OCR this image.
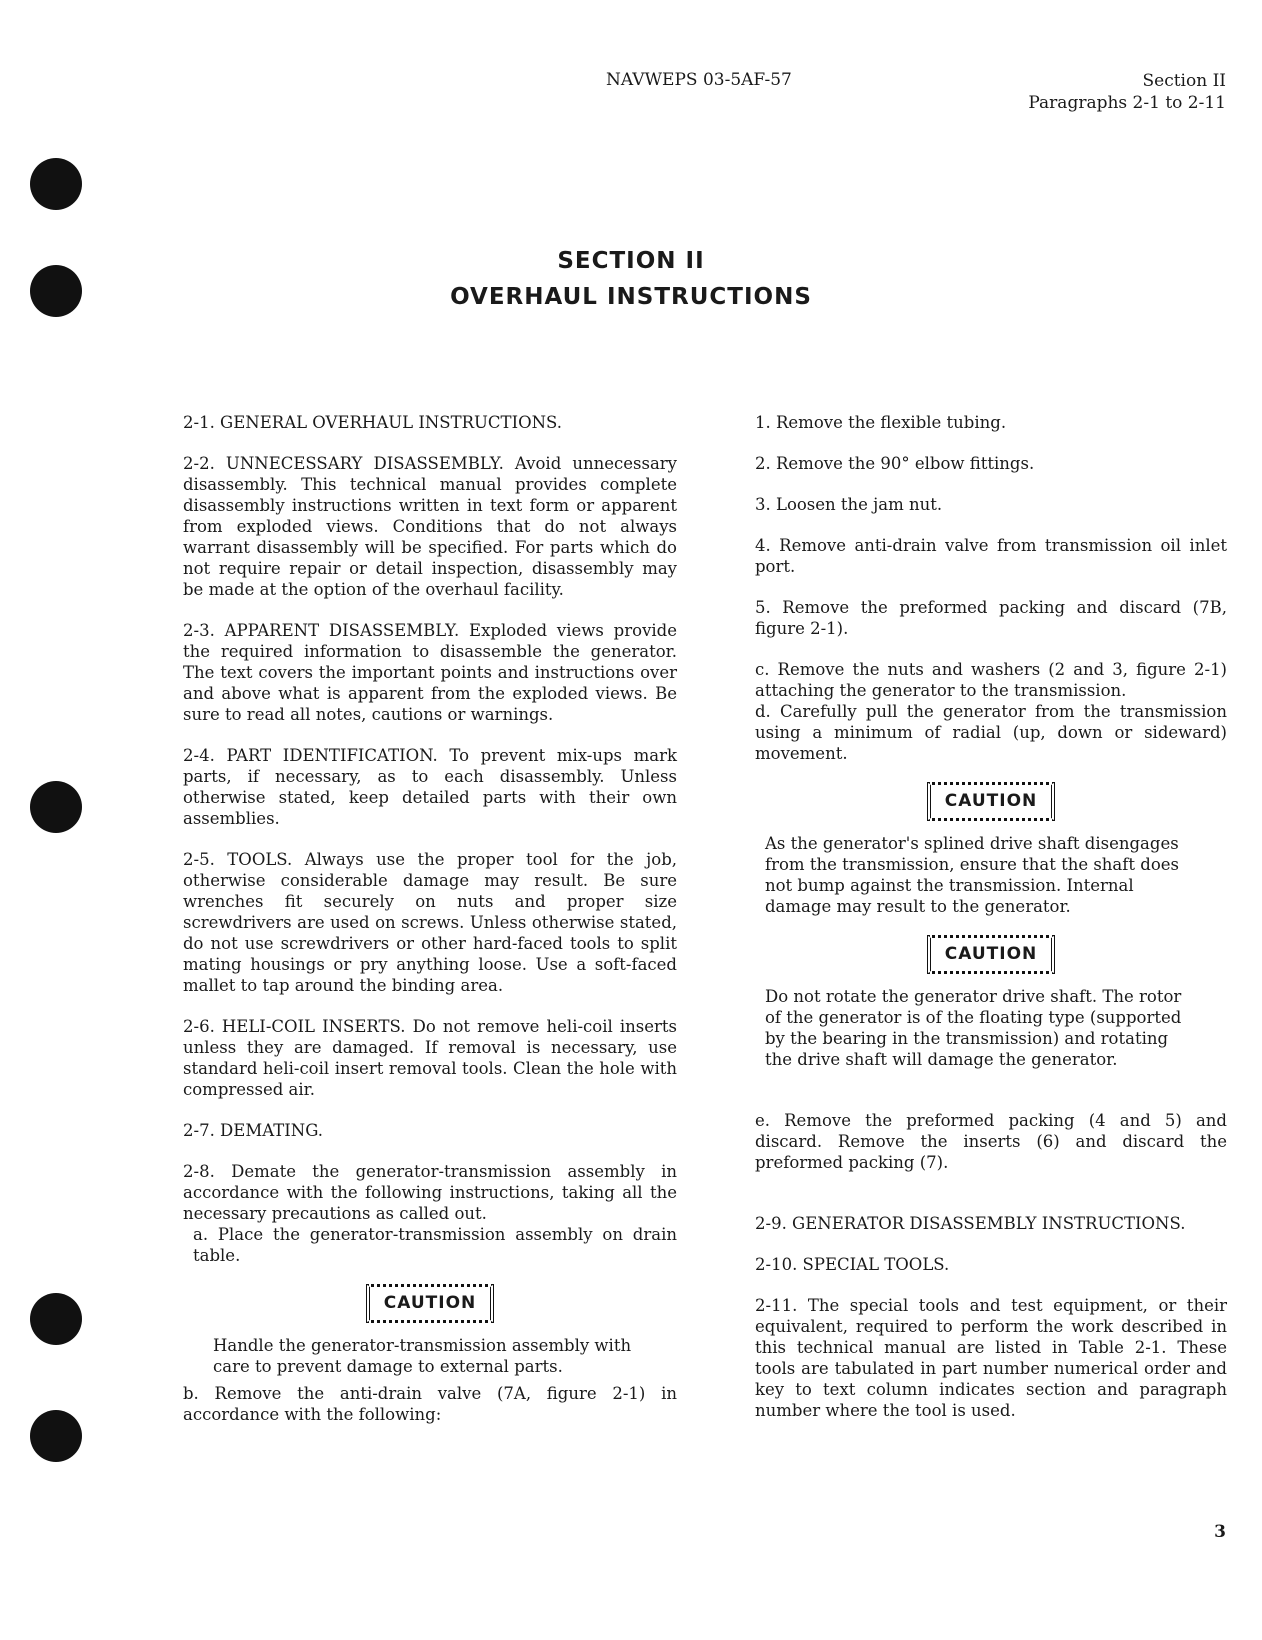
NAVWEPS 03-5AF-57	Section II
Paragraphs 2-1 to 2-11
SECTION II
OVERHAUL INSTRUCTIONS

2-1. GENERAL OVERHAUL INSTRUCTIONS.

2-2. UNNECESSARY DISASSEMBLY. Avoid unnecessary disassembly. This technical manual provides complete disassembly instructions written in text form or apparent from exploded views. Conditions that do not always warrant disassembly will be specified. For parts which do not require repair or detail inspection, disassembly may be made at the option of the overhaul facility.

2-3. APPARENT DISASSEMBLY. Exploded views provide the required information to disassemble the generator. The text covers the important points and instructions over and above what is apparent from the exploded views. Be sure to read all notes, cautions or warnings.

2-4. PART IDENTIFICATION. To prevent mix-ups mark parts, if necessary, as to each disassembly. Unless otherwise stated, keep detailed parts with their own assemblies.

2-5. TOOLS. Always use the proper tool for the job, otherwise considerable damage may result. Be sure wrenches fit securely on nuts and proper size screwdrivers are used on screws. Unless otherwise stated, do not use screwdrivers or other hard-faced tools to split mating housings or pry anything loose. Use a soft-faced mallet to tap around the binding area.

2-6. HELI-COIL INSERTS. Do not remove heli-coil inserts unless they are damaged. If removal is necessary, use standard heli-coil insert removal tools. Clean the hole with compressed air.

2-7. DEMATING.

2-8. Demate the generator-transmission assembly in accordance with the following instructions, taking all the necessary precautions as called out.

a. Place the generator-transmission assembly on drain table.

CAUTION

Handle the generator-transmission assembly with care to prevent damage to external parts.

b. Remove the anti-drain valve (7A, figure 2-1) in accordance with the following:

1. Remove the flexible tubing.

2. Remove the 90° elbow fittings.

3. Loosen the jam nut.

4. Remove anti-drain valve from transmission oil inlet port.

5. Remove the preformed packing and discard (7B, figure 2-1).

c. Remove the nuts and washers (2 and 3, figure 2-1) attaching the generator to the transmission.

d. Carefully pull the generator from the transmission using a minimum of radial (up, down or sideward) movement.

CAUTION

As the generator's splined drive shaft disengages from the transmission, ensure that the shaft does not bump against the transmission. Internal damage may result to the generator.

CAUTION

Do not rotate the generator drive shaft. The rotor of the generator is of the floating type (supported by the bearing in the transmission) and rotating the drive shaft will damage the generator.

e. Remove the preformed packing (4 and 5) and discard. Remove the inserts (6) and discard the preformed packing (7).

2-9. GENERATOR DISASSEMBLY INSTRUCTIONS.

2-10. SPECIAL TOOLS.

2-11. The special tools and test equipment, or their equivalent, required to perform the work described in this technical manual are listed in Table 2-1. These tools are tabulated in part number numerical order and key to text column indicates section and paragraph number where the tool is used.

3
